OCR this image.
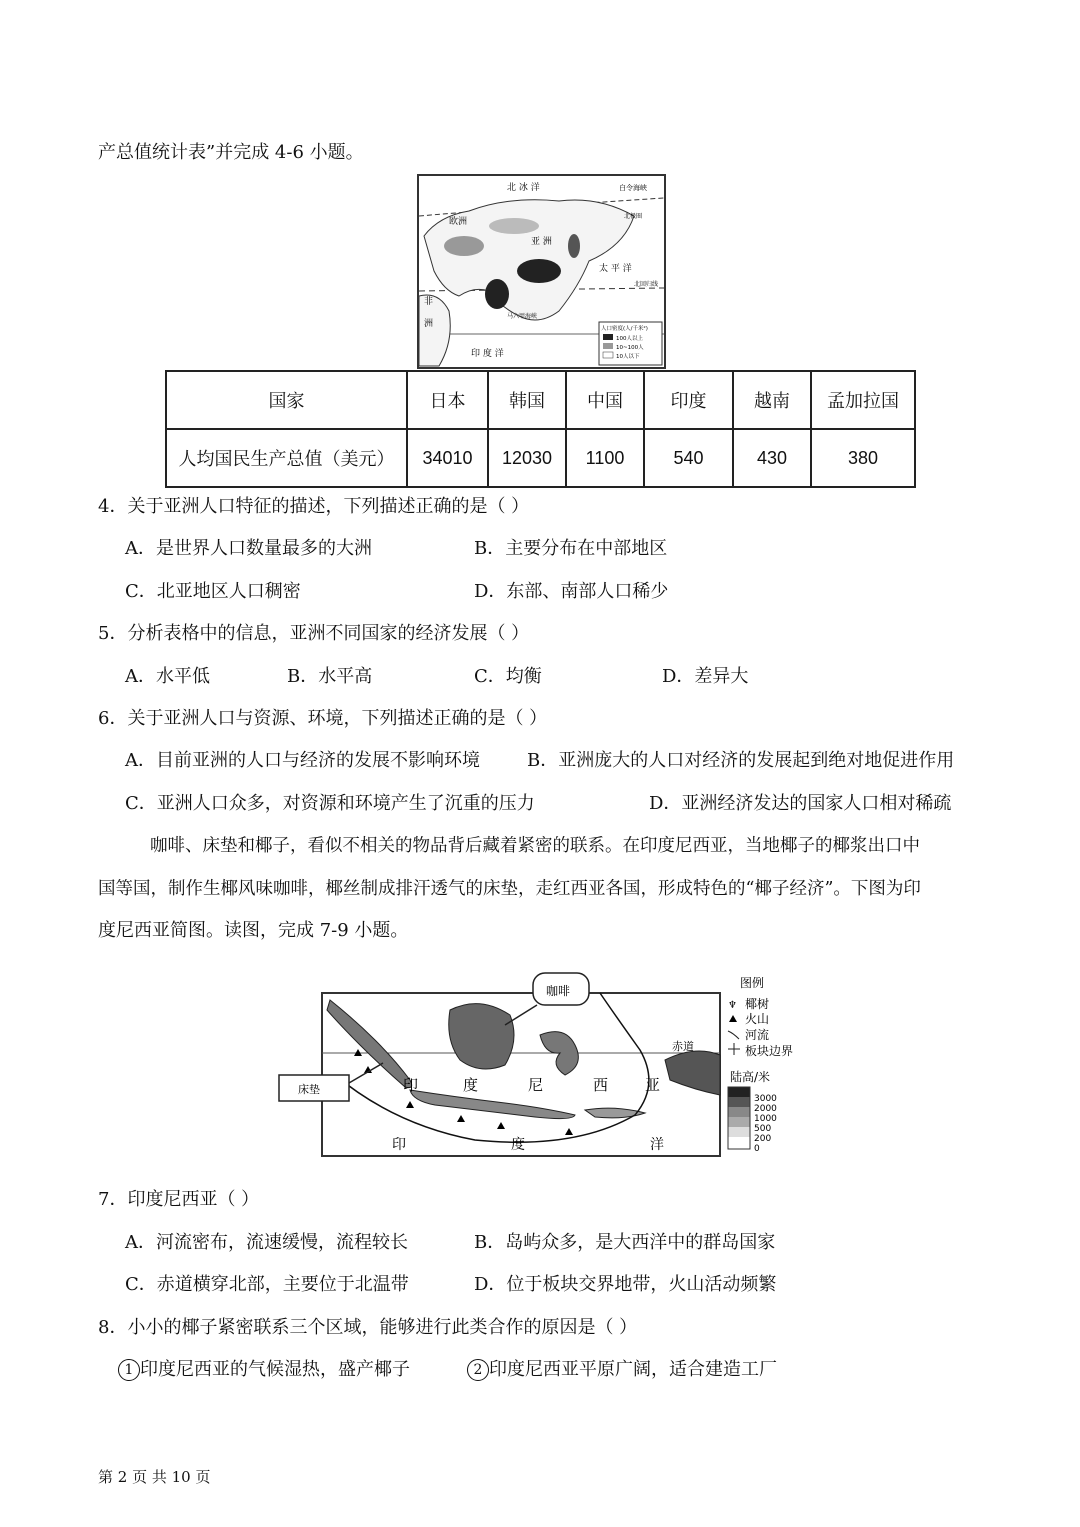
产总值统计表”并完成 4-6 小题。
北 冰 洋	白令海峡
北极圈
欧洲
亚 洲
太 平 洋
北回归线
非
洲
马六甲海峡
印 度 洋
人口密度(人/千米²)
100人以上
10~100人
10人以下
国家	日本	韩国	中国	印度	越南	孟加拉国
人均国民生产总值（美元）	34010	12030	1100	540	430	380
4．关于亚洲人口特征的描述，下列描述正确的是（ ）
A．是世界人口数量最多的大洲	B．主要分布在中部地区
C．北亚地区人口稠密	D．东部、南部人口稀少
5．分析表格中的信息，亚洲不同国家的经济发展（ ）
A．水平低	B．水平高	C．均衡	D．差异大
6．关于亚洲人口与资源、环境，下列描述正确的是（ ）
A．目前亚洲的人口与经济的发展不影响环境	B．亚洲庞大的人口对经济的发展起到绝对地促进作用
C．亚洲人口众多，对资源和环境产生了沉重的压力	D．亚洲经济发达的国家人口相对稀疏
咖啡、床垫和椰子，看似不相关的物品背后藏着紧密的联系。在印度尼西亚，当地椰子的椰浆出口中
国等国，制作生椰风味咖啡，椰丝制成排汗透气的床垫，走红西亚各国，形成特色的“椰子经济”。下图为印
度尼西亚简图。读图，完成 7-9 小题。
赤道
咖啡
床垫	印	度	尼	西 亚
印	度	洋
图例
♆ 椰树
火山
河流
板块边界
陆高/米
3000
2000
1000
500
200
0
7．印度尼西亚（ ）
A．河流密布，流速缓慢，流程较长	B．岛屿众多，是大西洋中的群岛国家
C．赤道横穿北部，主要位于北温带	D．位于板块交界地带，火山活动频繁
8．小小的椰子紧密联系三个区域，能够进行此类合作的原因是（ ）
1 印度尼西亚的气候湿热，盛产椰子	2 印度尼西亚平原广阔，适合建造工厂
第 2 页 共 10 页
